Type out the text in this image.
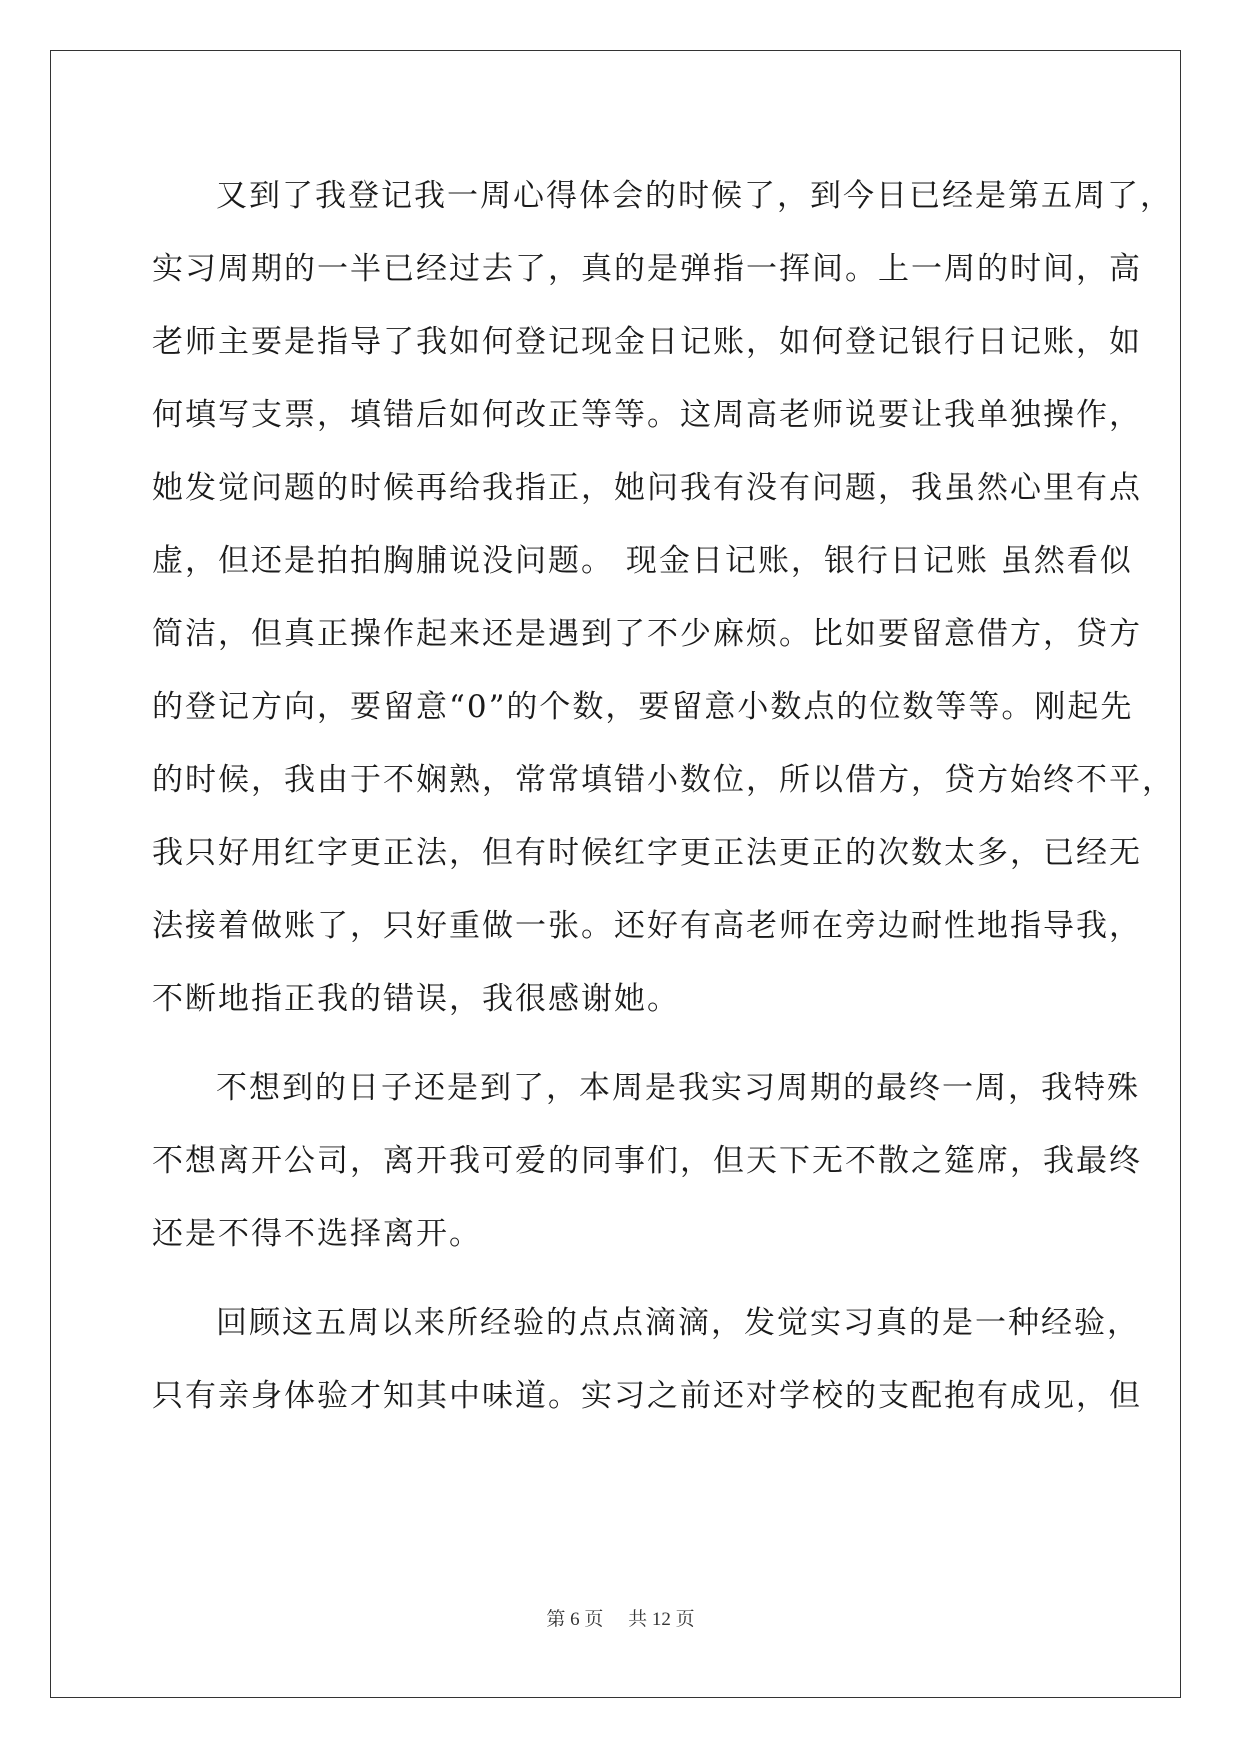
又到了我登记我一周心得体会的时候了，到今日已经是第五周了，
实习周期的一半已经过去了，真的是弹指一挥间。上一周的时间，高
老师主要是指导了我如何登记现金日记账，如何登记银行日记账，如
何填写支票，填错后如何改正等等。这周高老师说要让我单独操作，
她发觉问题的时候再给我指正，她问我有没有问题，我虽然心里有点
虚，但还是拍拍胸脯说没问题。 现金日记账，银行日记账 虽然看似
简洁，但真正操作起来还是遇到了不少麻烦。比如要留意借方，贷方
的登记方向，要留意“0”的个数，要留意小数点的位数等等。刚起先
的时候，我由于不娴熟，常常填错小数位，所以借方，贷方始终不平，
我只好用红字更正法，但有时候红字更正法更正的次数太多，已经无
法接着做账了，只好重做一张。还好有高老师在旁边耐性地指导我，
不断地指正我的错误，我很感谢她。
不想到的日子还是到了，本周是我实习周期的最终一周，我特殊
不想离开公司，离开我可爱的同事们，但天下无不散之筵席，我最终
还是不得不选择离开。
回顾这五周以来所经验的点点滴滴，发觉实习真的是一种经验，
只有亲身体验才知其中味道。实习之前还对学校的支配抱有成见，但
第 6 页 共 12 页
